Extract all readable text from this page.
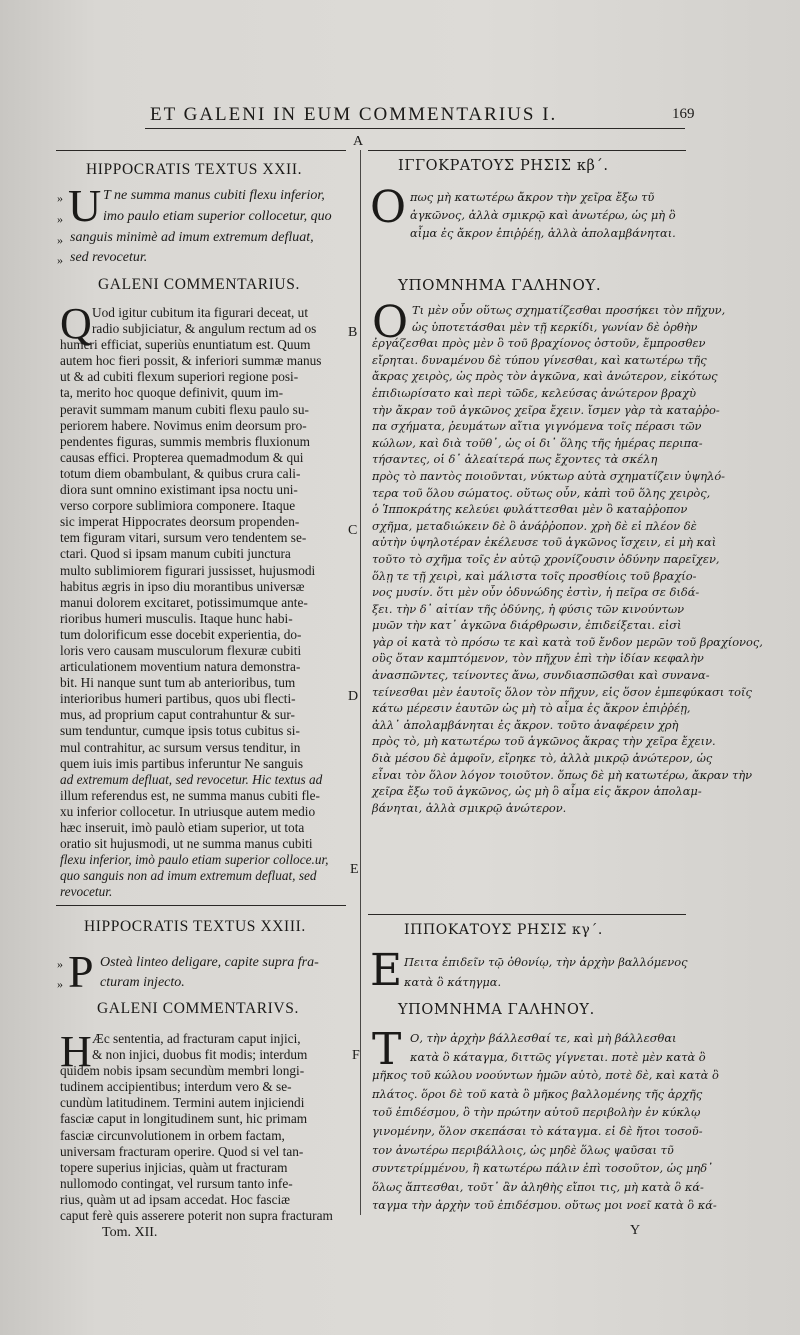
ET GALENI IN EUM COMMENTARIUS I.	169
A
B
C
D
E
F
HIPPOCRATIS TEXTUS XXII.
»
»
»
»
U T ne summa manus cubiti flexu inferior,
imo paulo etiam superior collocetur, quo
sanguis minimè ad imum extremum defluat,
sed revocetur.
GALENI COMMENTARIUS.
Q Uod igitur cubitum ita figurari deceat, ut
radio subjiciatur, & angulum rectum ad os
humeri efficiat, superiùs enuntiatum est. Quum
autem hoc fieri possit, & inferiori summæ manus
ut & ad cubiti flexum superiori regione posi-
ta, merito hoc quoque definivit, quum im-
peravit summam manum cubiti flexu paulo su-
periorem habere. Novimus enim deorsum pro-
pendentes figuras, summis membris fluxionum
causas effici. Propterea quemadmodum & qui
totum diem obambulant, & quibus crura cali-
diora sunt omnino existimant ipsa noctu uni-
verso corpore sublimiora componere. Itaque
sic imperat Hippocrates deorsum propenden-
tem figuram vitari, sursum vero tendentem se-
ctari. Quod si ipsam manum cubiti junctura
multo sublimiorem figurari jussisset, hujusmodi
habitus ægris in ipso diu morantibus universæ
manui dolorem excitaret, potissimumque ante-
rioribus humeri musculis. Itaque hunc habi-
tum dolorificum esse docebit experientia, do-
loris vero causam musculorum flexuræ cubiti
articulationem moventium natura demonstra-
bit. Hi nanque sunt tum ab anterioribus, tum
interioribus humeri partibus, quos ubi flecti-
mus, ad proprium caput contrahuntur & sur-
sum tenduntur, cumque ipsis totus cubitus si-
mul contrahitur, ac sursum versus tenditur, in
quem iuis imis partibus inferuntur Ne sanguis
ad extremum defluat, sed revocetur. Hic textus ad
illum referendus est, ne summa manus cubiti fle-
xu inferior collocetur. In utriusque autem medio
hæc inseruit, imò paulò etiam superior, ut tota
oratio sit hujusmodi, ut ne summa manus cubiti
flexu inferior, imò paulo etiam superior colloce.ur,
quo sanguis non ad imum extremum defluat, sed
revocetur.
HIPPOCRATIS TEXTUS XXIII.
»
» P Osteà linteo deligare, capite supra fra-
cturam injecto.
GALENI COMMENTARIVS.
H Æc sententia, ad fracturam caput injici,
& non injici, duobus fit modis; interdum
quidem nobis ipsam secundùm membri longi-
tudinem accipientibus; interdum vero & se-
cundùm latitudinem. Termini autem injiciendi
fasciæ caput in longitudinem sunt, hic primam
fasciæ circunvolutionem in orbem factam,
universam fracturam operire. Quod si vel tan-
topere superius injicias, quàm ut fracturam
nullomodo contingat, vel rursum tanto infe-
rius, quàm ut ad ipsam accedat. Hoc fasciæ
caput ferè quis asserere poterit non supra fracturam
Tom. XII.	Y
ΙΓΓΟΚΡΑΤΟΥΣ ΡΗΣΙΣ κβ΄.
Ο πως μὴ κατωτέρω ἄκρον τὴν χεῖρα ἔξω τῦ
ἀγκῶνος, ἀλλὰ σμικρῷ καὶ ἀνωτέρω, ὡς μὴ ὃ
αἷμα ἐς ἄκρον ἐπιῤῥέῃ, ἀλλὰ ἀπολαμβάνηται.
ΥΠΟΜΝΗΜΑ ΓΑΛΗΝΟΥ.
Ο Τι μὲν οὖν οὕτως σχηματίζεσθαι προσήκει τὸν πῆχυν,
ὡς ὑποτετάσθαι μὲν τῇ κερκίδι, γωνίαν δὲ ὀρθὴν
ἐργάζεσθαι πρὸς μὲν ὃ τοῦ βραχίονος ὀστοῦν, ἔμπροσθεν
εἴρηται. δυναμένου δὲ τύπου γίνεσθαι, καὶ κατωτέρω τῆς
ἄκρας χειρὸς, ὡς πρὸς τὸν ἀγκῶνα, καὶ ἀνώτερον, εἰκότως
ἐπιδιωρίσατο καὶ περὶ τῶδε, κελεύσας ἀνώτερον βραχὺ
τὴν ἄκραν τοῦ ἀγκῶνος χεῖρα ἔχειν. ἴσμεν γὰρ τὰ καταῤῥο-
πα σχήματα, ῥευμάτων αἴτια γιγνόμενα τοῖς πέρασι τῶν
κώλων, καὶ διὰ τοῦθ᾽, ὡς οἱ δι᾽ ὅλης τῆς ἡμέρας περιπα-
τήσαντες, οἱ δ᾽ ἀλεαίτερά πως ἔχοντες τὰ σκέλη
πρὸς τὸ παντὸς ποιοῦνται, νύκτωρ αὐτὰ σχηματίζειν ὑψηλό-
τερα τοῦ ὅλου σώματος. οὕτως οὖν, κἀπὶ τοῦ ὅλης χειρὸς,
ὁ Ἱπποκράτης κελεύει φυλάττεσθαι μὲν ὃ καταῤῥοπον
σχῆμα, μεταδιώκειν δὲ ὃ ἀνάῤῥοπον. χρὴ δὲ εἰ πλέον δὲ
αὐτὴν ὑψηλοτέραν ἐκέλευσε τοῦ ἀγκῶνος ἴσχειν, εἰ μὴ καὶ
τοῦτο τὸ σχῆμα τοῖς ἐν αὐτῷ χρονίζουσιν ὀδύνην παρεῖχεν,
ὅλῃ τε τῇ χειρὶ, καὶ μάλιστα τοῖς προσθίοις τοῦ βραχίο-
νος μυσίν. ὅτι μὲν οὖν ὀδυνώδης ἐστὶν, ἡ πεῖρα σε διδά-
ξει. τὴν δ᾽ αἰτίαν τῆς ὀδύνης, ἡ φύσις τῶν κινούντων
μυῶν τὴν κατ᾽ ἀγκῶνα διάρθρωσιν, ἐπιδείξεται. εἰσὶ
γὰρ οἱ κατὰ τὸ πρόσω τε καὶ κατὰ τοῦ ἔνδον μερῶν τοῦ βραχίονος,
οὓς ὅταν καμπτόμενον, τὸν πῆχυν ἐπὶ τὴν ἰδίαν κεφαλὴν
ἀνασπῶντες, τείνοντες ἄνω, συνδιασπῶσθαι καὶ συνανα-
τείνεσθαι μὲν ἑαυτοῖς ὅλον τὸν πῆχυν, εἰς ὅσον ἐμπεφύκασι τοῖς
κάτω μέρεσιν ἑαυτῶν ὡς μὴ τὸ αἷμα ἐς ἄκρον ἐπιῤῥέῃ,
ἀλλ᾽ ἀπολαμβάνηται ἐς ἄκρον. τοῦτο ἀναφέρειν χρὴ
πρὸς τὸ, μὴ κατωτέρω τοῦ ἀγκῶνος ἄκρας τὴν χεῖρα ἔχειν.
διὰ μέσου δὲ ἀμφοῖν, εἴρηκε τὸ, ἀλλὰ μικρῷ ἀνώτερον, ὡς
εἶναι τὸν ὅλον λόγον τοιοῦτον. ὅπως δὲ μὴ κατωτέρω, ἄκραν τὴν
χεῖρα ἔξω τοῦ ἀγκῶνος, ὡς μὴ ὃ αἷμα εἰς ἄκρον ἀπολαμ-
βάνηται, ἀλλὰ σμικρῷ ἀνώτερον.
ΙΠΠΟΚΑΤΟΥΣ ΡΗΣΙΣ κγ΄.
Ε Πειτα ἐπιδεῖν τῷ ὀθονίῳ, τὴν ἀρχὴν βαλλόμενος
κατὰ ὃ κάτηγμα.
ΥΠΟΜΝΗΜΑ ΓΑΛΗΝΟΥ.
Τ Ο, τὴν ἀρχὴν βάλλεσθαί τε, καὶ μὴ βάλλεσθαι
κατὰ ὃ κάταγμα, διττῶς γίγνεται. ποτὲ μὲν κατὰ ὃ
μῆκος τοῦ κώλου νοούντων ἡμῶν αὐτὸ, ποτὲ δὲ, καὶ κατὰ ὃ
πλάτος. ὅροι δὲ τοῦ κατὰ ὃ μῆκος βαλλομένης τῆς ἀρχῆς
τοῦ ἐπιδέσμου, ὃ τὴν πρώτην αὐτοῦ περιβολὴν ἐν κύκλῳ
γινομένην, ὅλον σκεπάσαι τὸ κάταγμα. εἰ δὲ ἤτοι τοσοῦ-
τον ἀνωτέρω περιβάλλοις, ὡς μηδὲ ὅλως ψαῦσαι τῦ
συντετρίμμένου, ἢ κατωτέρω πάλιν ἐπὶ τοσοῦτον, ὡς μηδ᾽
ὅλως ἅπτεσθαι, τοῦτ᾽ ἂν ἀληθὴς εἴποι τις, μὴ κατὰ ὃ κά-
ταγμα τὴν ἀρχὴν τοῦ ἐπιδέσμου. οὕτως μοι νοεῖ κατὰ ὃ κά-
